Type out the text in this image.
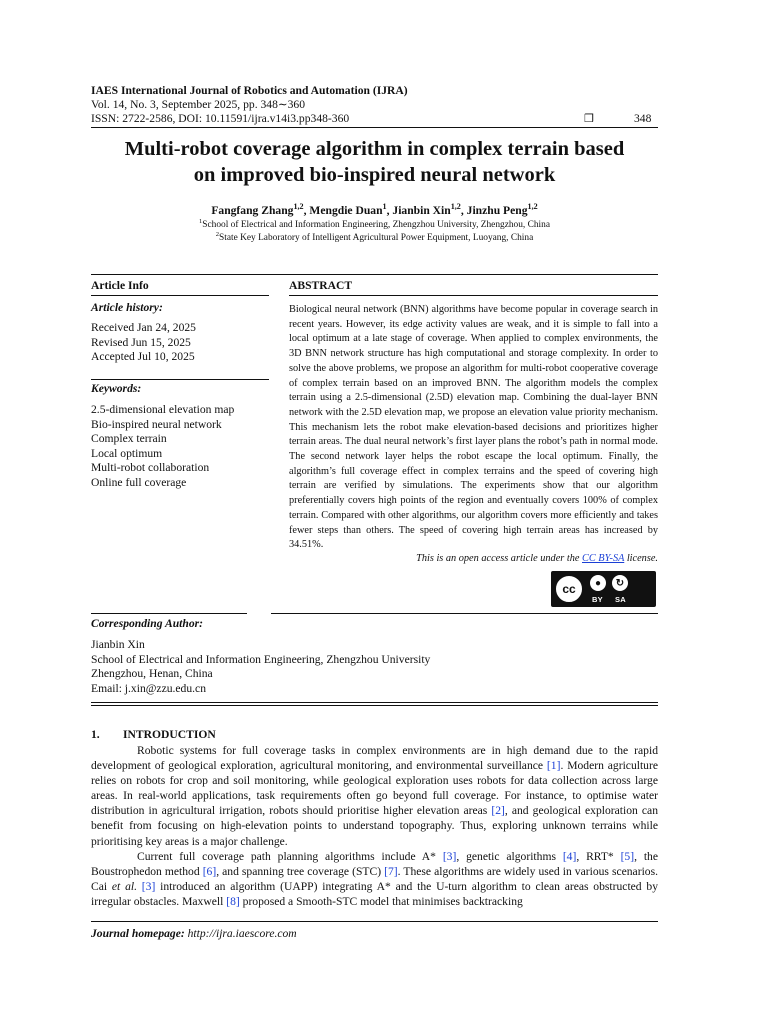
IAES International Journal of Robotics and Automation (IJRA)
Vol. 14, No. 3, September 2025, pp. 348∼360
ISSN: 2722-2586, DOI: 10.11591/ijra.v14i3.pp348-360	❒	348
Multi-robot coverage algorithm in complex terrain based
on improved bio-inspired neural network
Fangfang Zhang$^{1,2}$, Mengdie Duan$^1$, Jianbin Xin$^{1,2}$, Jinzhu Peng$^{1,2}$
$^1$School of Electrical and Information Engineering, Zhengzhou University, Zhengzhou, China
$^2$State Key Laboratory of Intelligent Agricultural Power Equipment, Luoyang, China
Article Info
Article history:
Received Jan 24, 2025
Revised Jun 15, 2025
Accepted Jul 10, 2025
Keywords:
2.5-dimensional elevation map
Bio-inspired neural network
Complex terrain
Local optimum
Multi-robot collaboration
Online full coverage
ABSTRACT
Biological neural network (BNN) algorithms have become popular in coverage search in recent years. However, its edge activity values are weak, and it is simple to fall into a local optimum at a late stage of coverage. When applied to complex environments, the 3D BNN network structure has high computational and storage complexity. In order to solve the above problems, we propose an algorithm for multi-robot cooperative coverage of complex terrain based on an improved BNN. The algorithm models the complex terrain using a 2.5-dimensional (2.5D) elevation map. Combining the dual-layer BNN network with the 2.5D elevation map, we propose an elevation value priority mechanism. This mechanism lets the robot make elevation-based decisions and prioritizes higher terrain areas. The dual neural network’s first layer plans the robot’s path in normal mode. The second network layer helps the robot escape the local optimum. Finally, the algorithm’s full coverage effect in complex terrains and the speed of covering high terrain are verified by simulations. The experiments show that our algorithm preferentially covers high points of the region and eventually covers 100% of complex terrain. Compared with other algorithms, our algorithm covers more efficiently and takes fewer steps than others. The speed of covering high terrain areas has increased by 34.51%.
This is an open access article under the CC BY-SA license.
cc	●	↻
BY SA
Corresponding Author:
Jianbin Xin
School of Electrical and Information Engineering, Zhengzhou University
Zhengzhou, Henan, China
Email: j.xin@zzu.edu.cn
1. INTRODUCTION

Robotic systems for full coverage tasks in complex environments are in high demand due to the rapid development of geological exploration, agricultural monitoring, and environmental surveillance [1]. Modern agriculture relies on robots for crop and soil monitoring, while geological exploration uses robots for data collection across large areas. In real-world applications, task requirements often go beyond full coverage. For instance, to optimise water distribution in agricultural irrigation, robots should prioritise higher elevation areas [2], and geological exploration can benefit from focusing on high-elevation points to understand topography. Thus, exploring unknown terrains while prioritising key areas is a major challenge.

Current full coverage path planning algorithms include A* [3], genetic algorithms [4], RRT* [5], the Boustrophedon method [6], and spanning tree coverage (STC) [7]. These algorithms are widely used in various scenarios. Cai et al. [3] introduced an algorithm (UAPP) integrating A* and the U-turn algorithm to clean areas obstructed by irregular obstacles. Maxwell [8] proposed a Smooth-STC model that minimises backtracking

Journal homepage: http://ijra.iaescore.com
